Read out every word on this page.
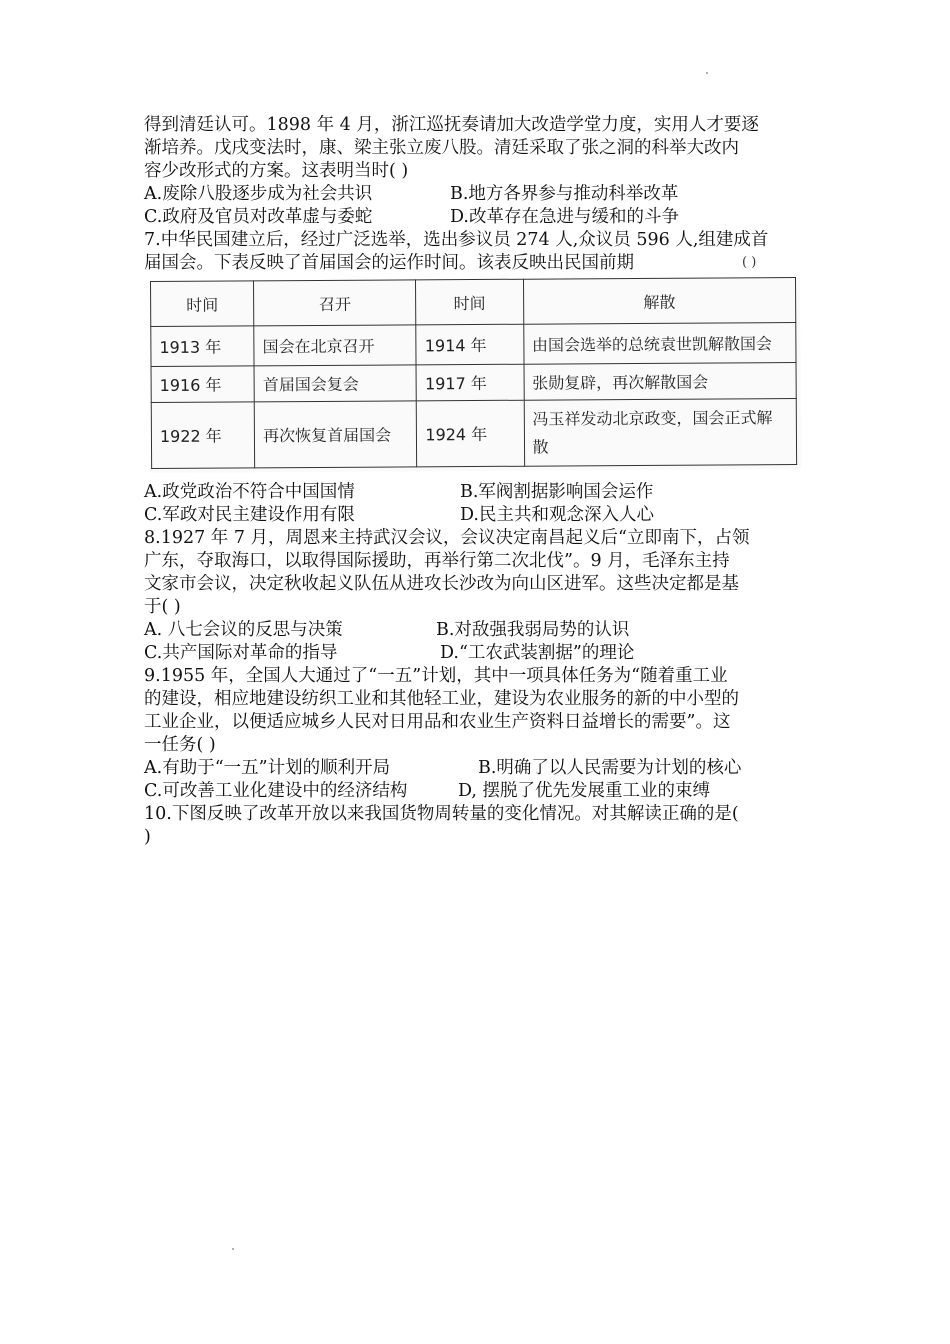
得到清廷认可。1898 年 4 月，浙江巡抚奏请加大改造学堂力度，实用人才要逐

渐培养。戊戌变法时，康、梁主张立废八股。清廷采取了张之洞的科举大改内

容少改形式的方案。这表明当时( )

A.废除八股逐步成为社会共识	B.地方各界参与推动科举改革
C.政府及官员对改革虚与委蛇	D.改革存在急进与缓和的斗争

7.中华民国建立后，经过广泛选举，选出参议员 274 人,众议员 596 人,组建成首

届国会。下表反映了首届国会的运作时间。该表反映出民国前期	( )
时间	召开	时间	解散
1913 年	国会在北京召开	1914 年	由国会选举的总统袁世凯解散国会
1916 年	首届国会复会	1917 年	张勋复辟，再次解散国会
1922 年	再次恢复首届国会	1924 年	冯玉祥发动北京政变，国会正式解散
A.政党政治不符合中国国情	B.军阀割据影响国会运作
C.军政对民主建设作用有限	D.民主共和观念深入人心

8.1927 年 7 月，周恩来主持武汉会议，会议决定南昌起义后“立即南下，占领

广东，夺取海口，以取得国际援助，再举行第二次北伐”。9 月，毛泽东主持

文家市会议，决定秋收起义队伍从进攻长沙改为向山区进军。这些决定都是基

于( )

A. 八七会议的反思与决策	B.对敌强我弱局势的认识
C.共产国际对革命的指导	D.“工农武装割据”的理论

9.1955 年，全国人大通过了“一五”计划，其中一项具体任务为“随着重工业

的建设，相应地建设纺织工业和其他轻工业，建设为农业服务的新的中小型的

工业企业，以便适应城乡人民对日用品和农业生产资料日益增长的需要”。这

一任务( )

A.有助于“一五”计划的顺利开局	B.明确了以人民需要为计划的核心
C.可改善工业化建设中的经济结构	D, 摆脱了优先发展重工业的束缚

10.下图反映了改革开放以来我国货物周转量的变化情况。对其解读正确的是(

)
